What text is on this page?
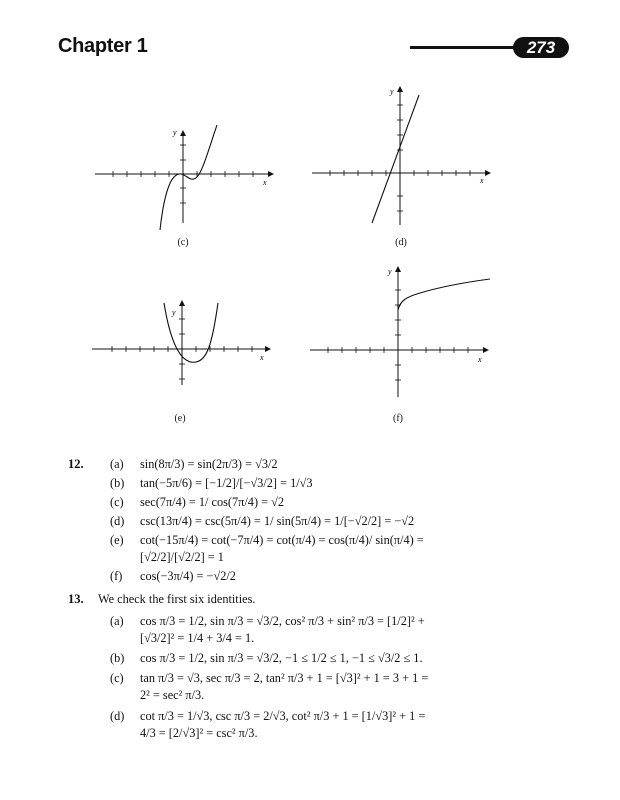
Chapter 1	273
x
y
(c)
x
y
(d)
x
y
(e)
x
y
(f)
12. (a) sin(8π/3) = sin(2π/3) = √3/2
(b) tan(−5π/6) = [−1/2]/[−√3/2] = 1/√3
(c) sec(7π/4) = 1/ cos(7π/4) = √2
(d) csc(13π/4) = csc(5π/4) = 1/ sin(5π/4) = 1/[−√2/2] = −√2
(e) cot(−15π/4) = cot(−7π/4) = cot(π/4) = cos(π/4)/ sin(π/4) =
[√2/2]/[√2/2] = 1
(f) cos(−3π/4) = −√2/2
13. We check the first six identities.
(a) cos π/3 = 1/2, sin π/3 = √3/2, cos² π/3 + sin² π/3 = [1/2]² +
[√3/2]² = 1/4 + 3/4 = 1.
(b) cos π/3 = 1/2, sin π/3 = √3/2, −1 ≤ 1/2 ≤ 1, −1 ≤ √3/2 ≤ 1.
(c) tan π/3 = √3, sec π/3 = 2, tan² π/3 + 1 = [√3]² + 1 = 3 + 1 =
2² = sec² π/3.
(d) cot π/3 = 1/√3, csc π/3 = 2/√3, cot² π/3 + 1 = [1/√3]² + 1 =
4/3 = [2/√3]² = csc² π/3.
